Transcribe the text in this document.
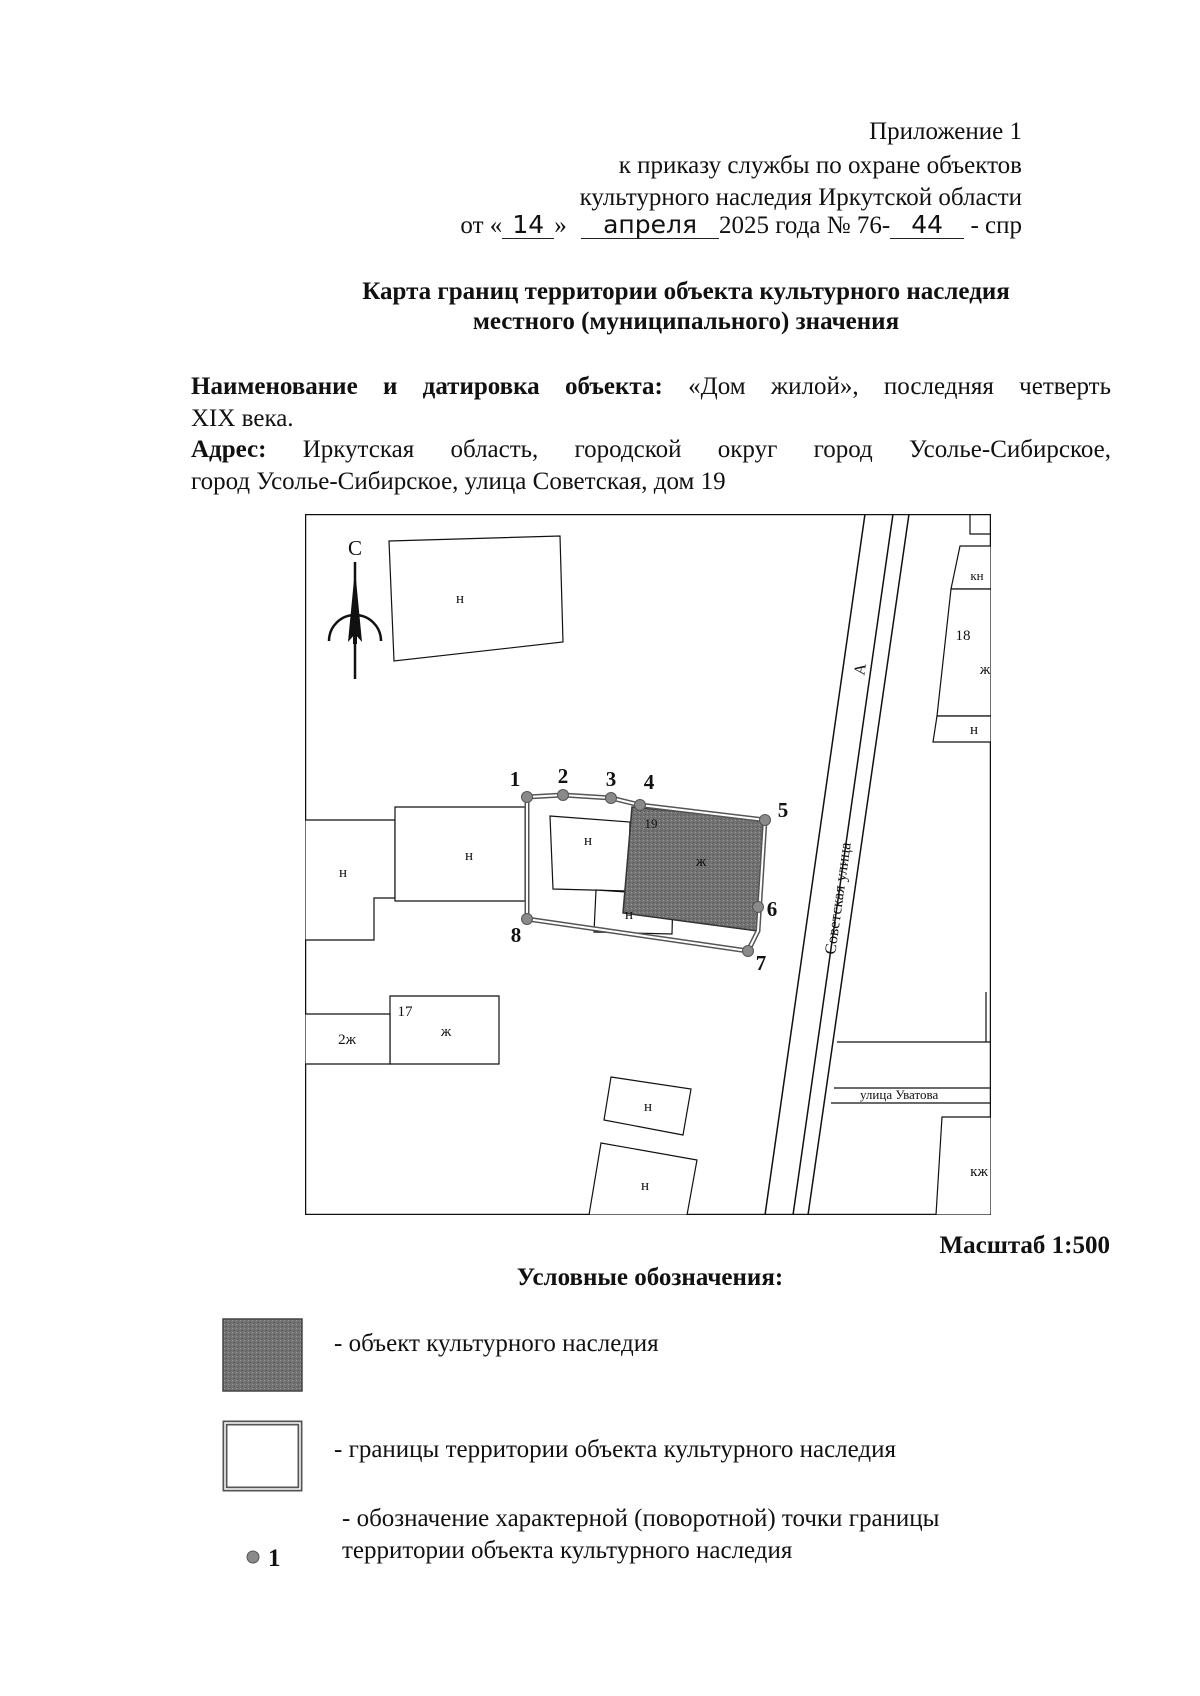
Приложение 1
к приказу службы по охране объектов
культурного наследия Иркутской области
от « 14 » апреля 2025 года № 76- 44 - спр
Карта границ территории объекта культурного наследия
местного (муниципального) значения
Наименование и датировка объекта: «Дом жилой», последняя четверть
XIX века.
Адрес: Иркутская область, городской округ город Усолье-Сибирское,
город Усолье-Сибирское, улица Советская, дом 19
С
Советская улица
А
улица Уватова
1 2 3 4
5
6
7
8
н
н
н
н
19
ж
н
17
ж
2ж
н
н
кн
18
ж
н
кж
Масштаб 1:500
Условные обозначения:
- объект культурного наследия
- границы территории объекта культурного наследия
1
- обозначение характерной (поворотной) точки границы
территории объекта культурного наследия
